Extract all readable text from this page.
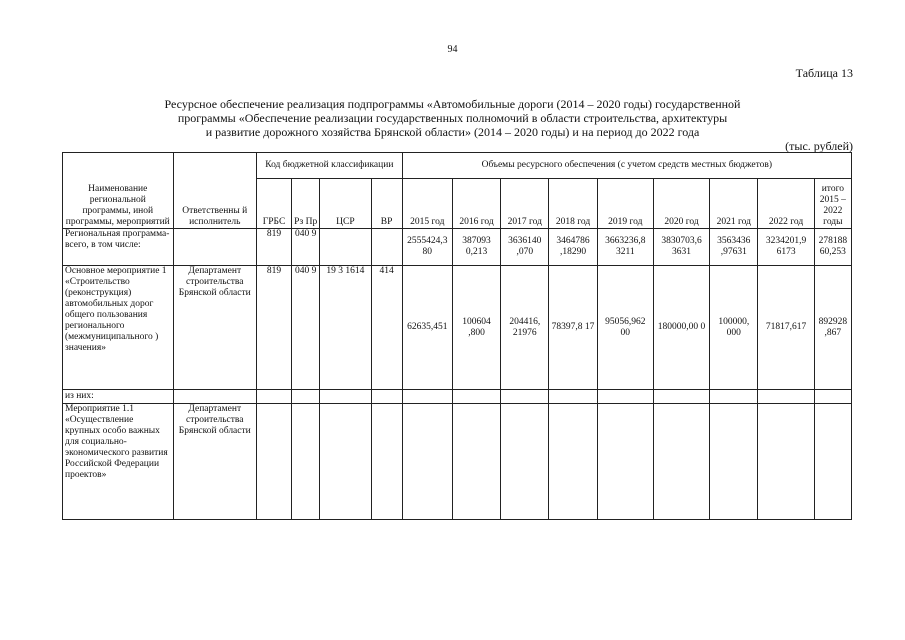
94
Таблица 13
Ресурсное обеспечение реализация подпрограммы «Автомобильные дороги (2014 – 2020 годы) государственной
программы «Обеспечение реализации государственных полномочий в области строительства, архитектуры
и развитие дорожного хозяйства Брянской области» (2014 – 2020 годы) и на период до 2022 года
(тыс. рублей)
Наименование региональной программы, иной программы, мероприятий	Ответственны й исполнитель	Код бюджетной классификации				Объемы ресурсного обеспечения (с учетом средств местных бюджетов)								
		ГРБС	Рз Пр	ЦСР	ВР	2015 год	2016 год	2017 год	2018 год	2019 год	2020 год	2021 год	2022 год	итого 2015 – 2022 годы
Региональная программа- всего, в том числе:		819	040 9			2555424,3 80	387093 0,213	3636140 ,070	3464786 ,18290	3663236,8 3211	3830703,6 3631	3563436 ,97631	3234201,9 6173	278188 60,253
Основное мероприятие 1 «Строительство (реконструкция) автомобильных дорог общего пользования регионального (межмуниципального ) значения»	Департамент строительства Брянской области	819	040 9	19 3 1614	414	62635,451	100604 ,800	204416, 21976	78397,8 17	95056,962 00	180000,00 0	100000, 000	71817,617	892928 ,867
из них:														
Мероприятие 1.1 «Осуществление крупных особо важных для социально- экономического развития Российской Федерации проектов»	Департамент строительства Брянской области													
